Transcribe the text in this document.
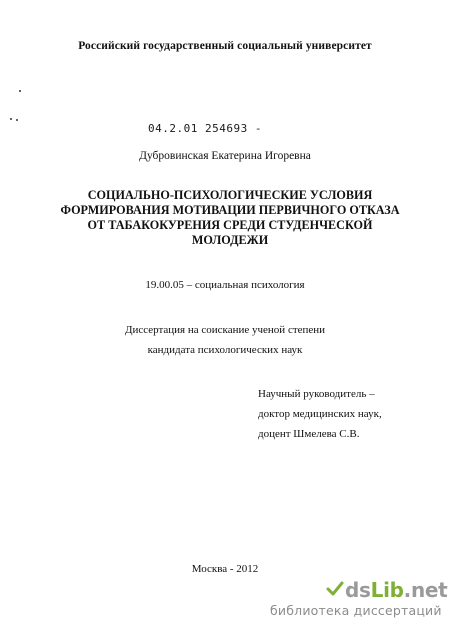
Российский государственный социальный университет
04.2.01 254693 -
Дубровинская Екатерина Игоревна
СОЦИАЛЬНО-ПСИХОЛОГИЧЕСКИЕ УСЛОВИЯ
ФОРМИРОВАНИЯ МОТИВАЦИИ ПЕРВИЧНОГО ОТКАЗА
ОТ ТАБАКОКУРЕНИЯ СРЕДИ СТУДЕНЧЕСКОЙ
МОЛОДЕЖИ
19.00.05 – социальная психология
Диссертация на соискание ученой степени
кандидата психологических наук
Научный руководитель –
доктор медицинских наук,
доцент Шмелева С.В.
Москва - 2012
dsLib.net
библиотека диссертаций
